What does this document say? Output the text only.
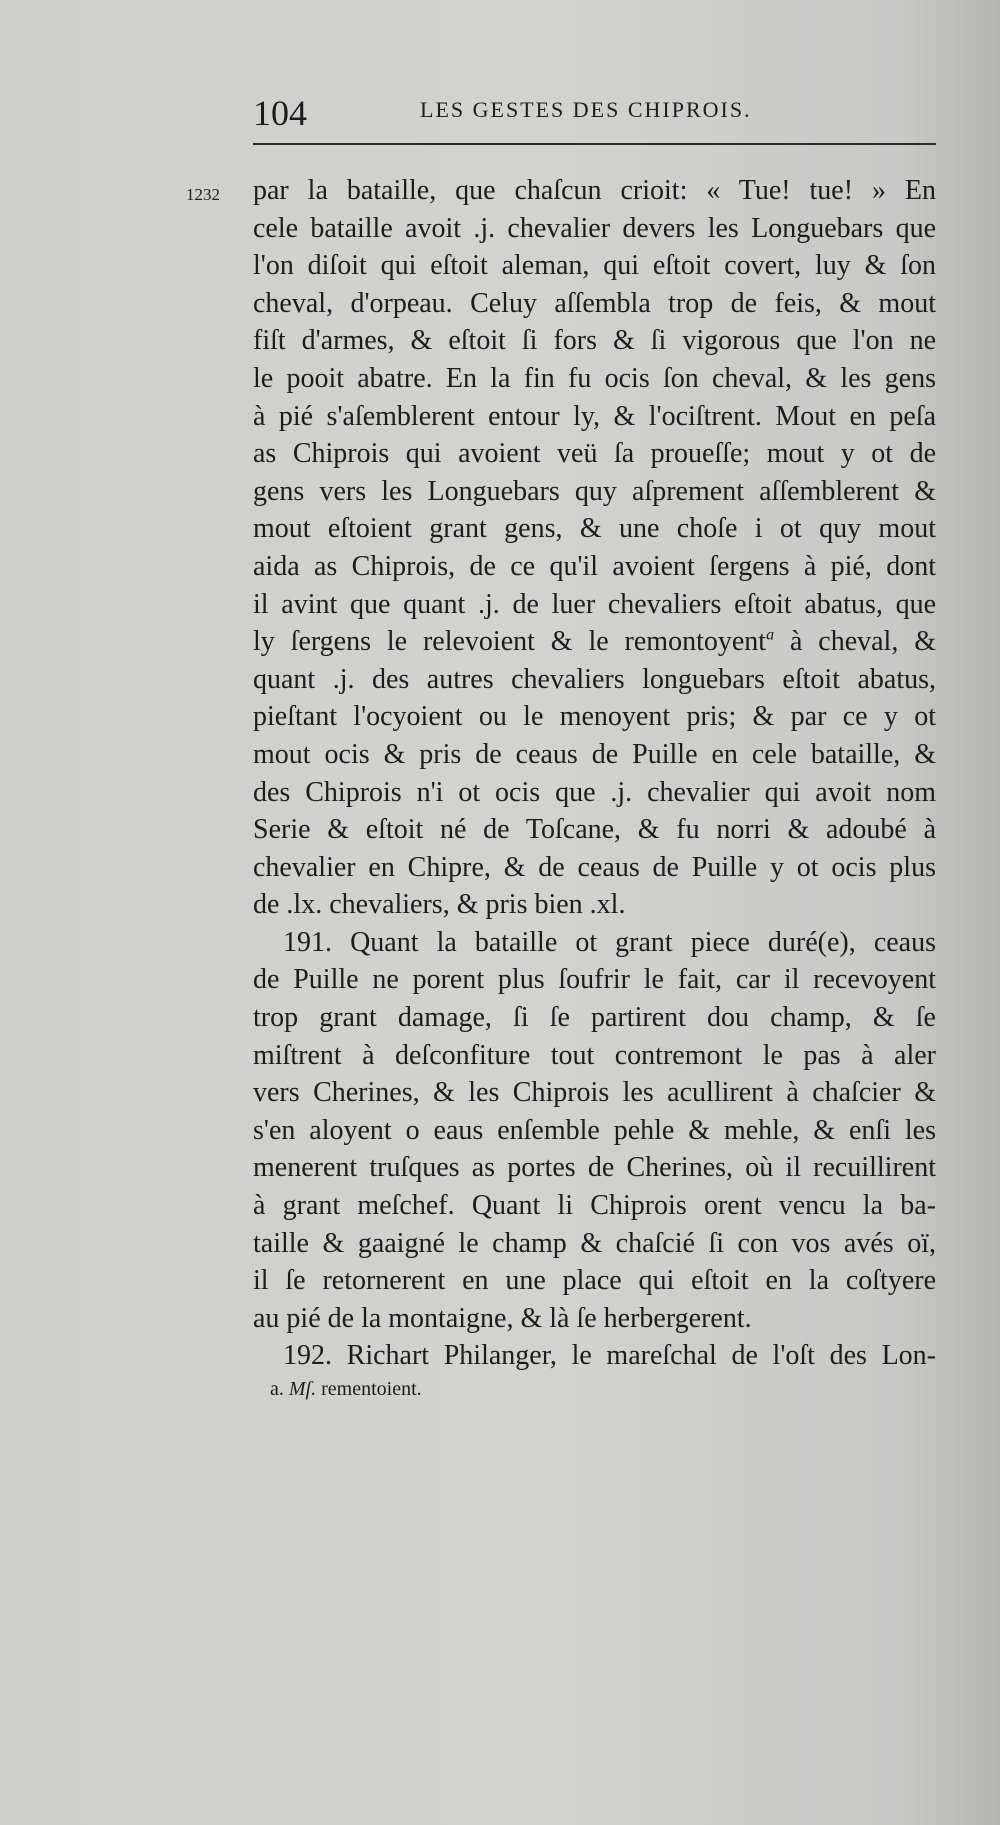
104	LES GESTES DES CHIPROIS.
1232 par la bataille, que chaſcun crioit: « Tue! tue! » En
cele bataille avoit .j. chevalier devers les Longuebars que
l'on diſoit qui eſtoit aleman, qui eſtoit covert, luy & ſon
cheval, d'orpeau. Celuy aſſembla trop de feis, & mout
fiſt d'armes, & eſtoit ſi fors & ſi vigorous que l'on ne
le pooit abatre. En la fin fu ocis ſon cheval, & les gens
à pié s'aſemblerent entour ly, & l'ociſtrent. Mout en peſa
as Chiprois qui avoient veü ſa proueſſe; mout y ot de
gens vers les Longuebars quy aſprement aſſemblerent &
mout eſtoient grant gens, & une choſe i ot quy mout
aida as Chiprois, de ce qu'il avoient ſergens à pié, dont
il avint que quant .j. de luer chevaliers eſtoit abatus, que
ly ſergens le relevoient & le remontoyent$^a$ à cheval, &
quant .j. des autres chevaliers longuebars eſtoit abatus,
pieſtant l'ocyoient ou le menoyent pris; & par ce y ot
mout ocis & pris de ceaus de Puille en cele bataille, &
des Chiprois n'i ot ocis que .j. chevalier qui avoit nom
Serie & eſtoit né de Toſcane, & fu norri & adoubé à
chevalier en Chipre, & de ceaus de Puille y ot ocis plus
de .lx. chevaliers, & pris bien .xl.
191. Quant la bataille ot grant piece duré(e), ceaus
de Puille ne porent plus ſoufrir le fait, car il recevoyent
trop grant damage, ſi ſe partirent dou champ, & ſe
miſtrent à deſconfiture tout contremont le pas à aler
vers Cherines, & les Chiprois les acullirent à chaſcier &
s'en aloyent o eaus enſemble pehle & mehle, & enſi les
menerent truſques as portes de Cherines, où il recuillirent
à grant meſchef. Quant li Chiprois orent vencu la ba-
taille & gaaigné le champ & chaſcié ſi con vos avés oï,
il ſe retornerent en une place qui eſtoit en la coſtyere
au pié de la montaigne, & là ſe herbergerent.
192. Richart Philanger, le mareſchal de l'oſt des Lon-
a. Mſ. rementoient.
